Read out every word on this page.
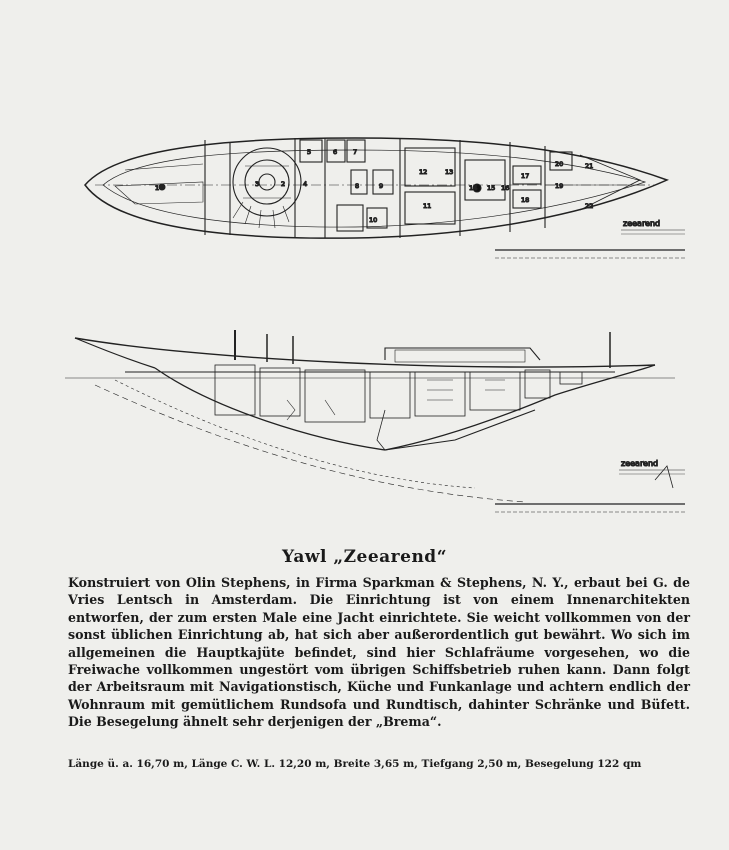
1	2
3	4
5	6 7
8	9
10
11
12	13
14 15 16
17
18
19
20	21
22
zeearend
zeearend
Yawl „Zeearend“
Konstruiert von Olin Stephens, in Firma Sparkman & Stephens, N. Y., erbaut bei G. de Vries Lentsch in Amsterdam. Die Einrichtung ist von einem Innenarchitekten entworfen, der zum ersten Male eine Jacht einrichtete. Sie weicht vollkommen von der sonst üblichen Einrichtung ab, hat sich aber außerordentlich gut bewährt. Wo sich im allgemeinen die Hauptkajüte befindet, sind hier Schlafräume vorgesehen, wo die Freiwache vollkommen ungestört vom übrigen Schiffsbetrieb ruhen kann. Dann folgt der Arbeitsraum mit Navigationstisch, Küche und Funkanlage und achtern endlich der Wohnraum mit gemütlichem Rundsofa und Rundtisch, dahinter Schränke und Büfett. Die Besegelung ähnelt sehr derjenigen der „Brema“.
Länge ü. a. 16,70 m, Länge C. W. L. 12,20 m, Breite 3,65 m, Tiefgang 2,50 m, Besegelung 122 qm
